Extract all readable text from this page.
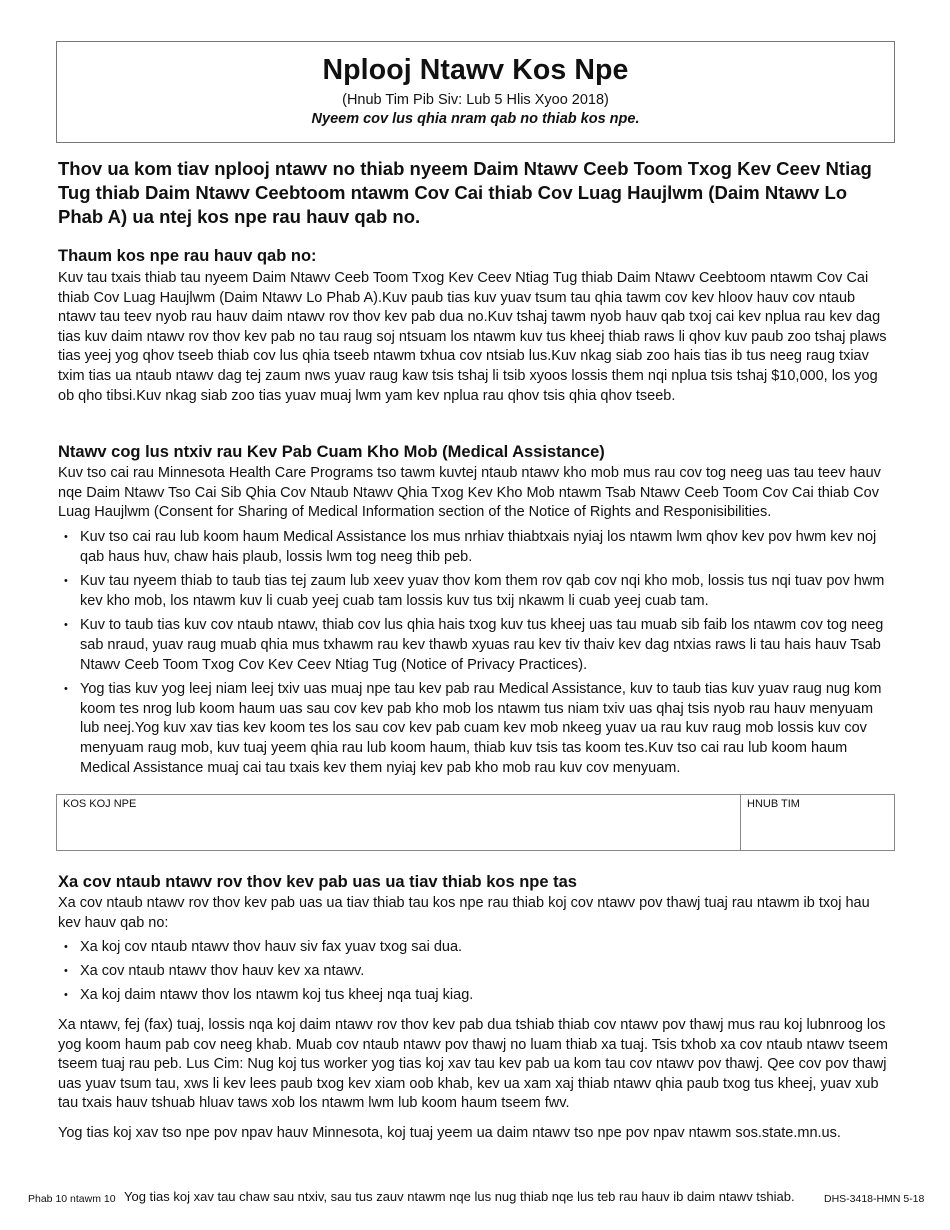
Nplooj Ntawv Kos Npe
(Hnub Tim Pib Siv: Lub 5 Hlis Xyoo 2018)
Nyeem cov lus qhia nram qab no thiab kos npe.
Thov ua kom tiav nplooj ntawv no thiab nyeem Daim Ntawv Ceeb Toom Txog Kev Ceev Ntiag Tug thiab Daim Ntawv Ceebtoom ntawm Cov Cai thiab Cov Luag Haujlwm (Daim Ntawv Lo Phab A) ua ntej kos npe rau hauv qab no.
Thaum kos npe rau hauv qab no:
Kuv tau txais thiab tau nyeem Daim Ntawv Ceeb Toom Txog Kev Ceev Ntiag Tug thiab Daim Ntawv Ceebtoom ntawm Cov Cai thiab Cov Luag Haujlwm (Daim Ntawv Lo Phab A).Kuv paub tias kuv yuav tsum tau qhia tawm cov kev hloov hauv cov ntaub ntawv tau teev nyob rau hauv daim ntawv rov thov kev pab dua no.Kuv tshaj tawm nyob hauv qab txoj cai kev nplua rau kev dag tias kuv daim ntawv rov thov kev pab no tau raug soj ntsuam los ntawm kuv tus kheej thiab raws li qhov kuv paub zoo tshaj plaws tias yeej yog qhov tseeb thiab cov lus qhia tseeb ntawm txhua cov ntsiab lus.Kuv nkag siab zoo hais tias ib tus neeg raug txiav txim tias ua ntaub ntawv dag tej zaum nws yuav raug kaw tsis tshaj li tsib xyoos lossis them nqi nplua tsis tshaj $10,000, los yog ob qho tibsi.Kuv nkag siab zoo tias yuav muaj lwm yam kev nplua rau qhov tsis qhia qhov tseeb.
Ntawv cog lus ntxiv rau Kev Pab Cuam Kho Mob (Medical Assistance)
Kuv tso cai rau Minnesota Health Care Programs tso tawm kuvtej ntaub ntawv kho mob mus rau cov tog neeg uas tau teev hauv nqe Daim Ntawv Tso Cai Sib Qhia Cov Ntaub Ntawv Qhia Txog Kev Kho Mob ntawm Tsab Ntawv Ceeb Toom Cov Cai thiab Cov Luag Haujlwm (Consent for Sharing of Medical Information section of the Notice of Rights and Responisibilities.
• Kuv tso cai rau lub koom haum Medical Assistance los mus nrhiav thiabtxais nyiaj los ntawm lwm qhov kev pov hwm kev noj qab haus huv, chaw hais plaub, lossis lwm tog neeg thib peb.
• Kuv tau nyeem thiab to taub tias tej zaum lub xeev yuav thov kom them rov qab cov nqi kho mob, lossis tus nqi tuav pov hwm kev kho mob, los ntawm kuv li cuab yeej cuab tam lossis kuv tus txij nkawm li cuab yeej cuab tam.
• Kuv to taub tias kuv cov ntaub ntawv, thiab cov lus qhia hais txog kuv tus kheej uas tau muab sib faib los ntawm cov tog neeg sab nraud, yuav raug muab qhia mus txhawm rau kev thawb xyuas rau kev tiv thaiv kev dag ntxias raws li tau hais hauv Tsab Ntawv Ceeb Toom Txog Cov Kev Ceev Ntiag Tug (Notice of Privacy Practices).
• Yog tias kuv yog leej niam leej txiv uas muaj npe tau kev pab rau Medical Assistance, kuv to taub tias kuv yuav raug nug kom koom tes nrog lub koom haum uas sau cov kev pab kho mob los ntawm tus niam txiv uas qhaj tsis nyob rau hauv menyuam lub neej.Yog kuv xav tias kev koom tes los sau cov kev pab cuam kev mob nkeeg yuav ua rau kuv raug mob lossis kuv cov menyuam raug mob, kuv tuaj yeem qhia rau lub koom haum, thiab kuv tsis tas koom tes.Kuv tso cai rau lub koom haum Medical Assistance muaj cai tau txais kev them nyiaj kev pab kho mob rau kuv cov menyuam.
KOS KOJ NPE	HNUB TIM
Xa cov ntaub ntawv rov thov kev pab uas ua tiav thiab kos npe tas
Xa cov ntaub ntawv rov thov kev pab uas ua tiav thiab tau kos npe rau thiab koj cov ntawv pov thawj tuaj rau ntawm ib txoj hau kev hauv qab no:
• Xa koj cov ntaub ntawv thov hauv siv fax yuav txog sai dua.
• Xa cov ntaub ntawv thov hauv kev xa ntawv.
• Xa koj daim ntawv thov los ntawm koj tus kheej nqa tuaj kiag.
Xa ntawv, fej (fax) tuaj, lossis nqa koj daim ntawv rov thov kev pab dua tshiab thiab cov ntawv pov thawj mus rau koj lubnroog los yog koom haum pab cov neeg khab. Muab cov ntaub ntawv pov thawj no luam thiab xa tuaj. Tsis txhob xa cov ntaub ntawv tseem tseem tuaj rau peb. Lus Cim: Nug koj tus worker yog tias koj xav tau kev pab ua kom tau cov ntawv pov thawj. Qee cov pov thawj uas yuav tsum tau, xws li kev lees paub txog kev xiam oob khab, kev ua xam xaj thiab ntawv qhia paub txog tus kheej, yuav xub tau txais hauv tshuab hluav taws xob los ntawm lwm lub koom haum tseem fwv.
Yog tias koj xav tso npe pov npav hauv Minnesota, koj tuaj yeem ua daim ntawv tso npe pov npav ntawm sos.state.mn.us.
Phab 10 ntawm 10 Yog tias koj xav tau chaw sau ntxiv, sau tus zauv ntawm nqe lus nug thiab nqe lus teb rau hauv ib daim ntawv tshiab.	DHS-3418-HMN 5-18
